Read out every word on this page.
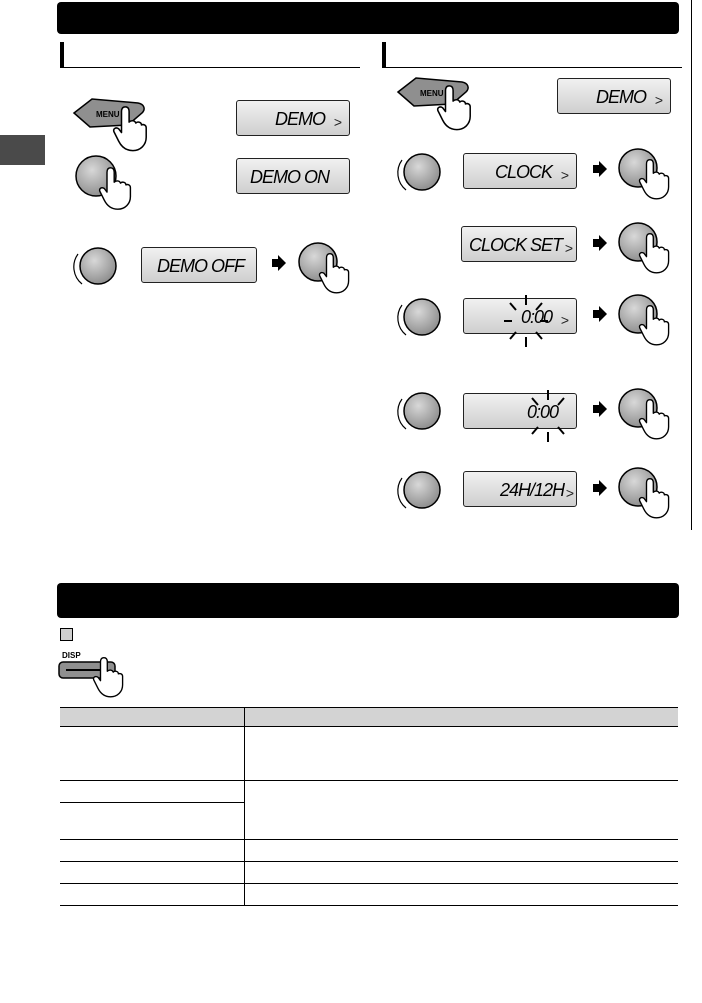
MENU	DEMO >
DEMO ON
DEMO OFF
MENU	DEMO >
CLOCK >
CLOCK SET >
0:00 >
0:00
24H/12H >
DISP
